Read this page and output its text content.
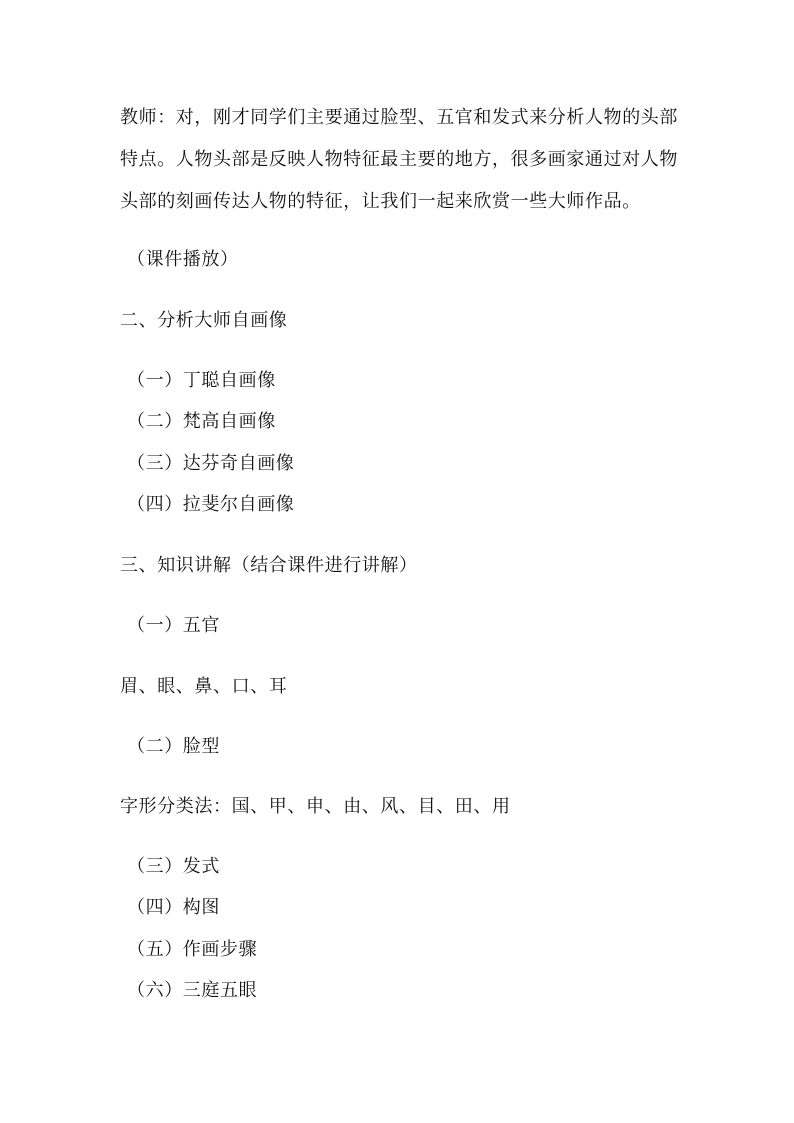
教师：对，刚才同学们主要通过脸型、五官和发式来分析人物的头部
特点。人物头部是反映人物特征最主要的地方，很多画家通过对人物
头部的刻画传达人物的特征，让我们一起来欣赏一些大师作品。
（课件播放）
二、分析大师自画像
（一）丁聪自画像
（二）梵高自画像
（三）达芬奇自画像
（四）拉斐尔自画像
三、知识讲解（结合课件进行讲解）
（一）五官
眉、眼、鼻、口、耳
（二）脸型
字形分类法：国、甲、申、由、风、目、田、用
（三）发式
（四）构图
（五）作画步骤
（六）三庭五眼
